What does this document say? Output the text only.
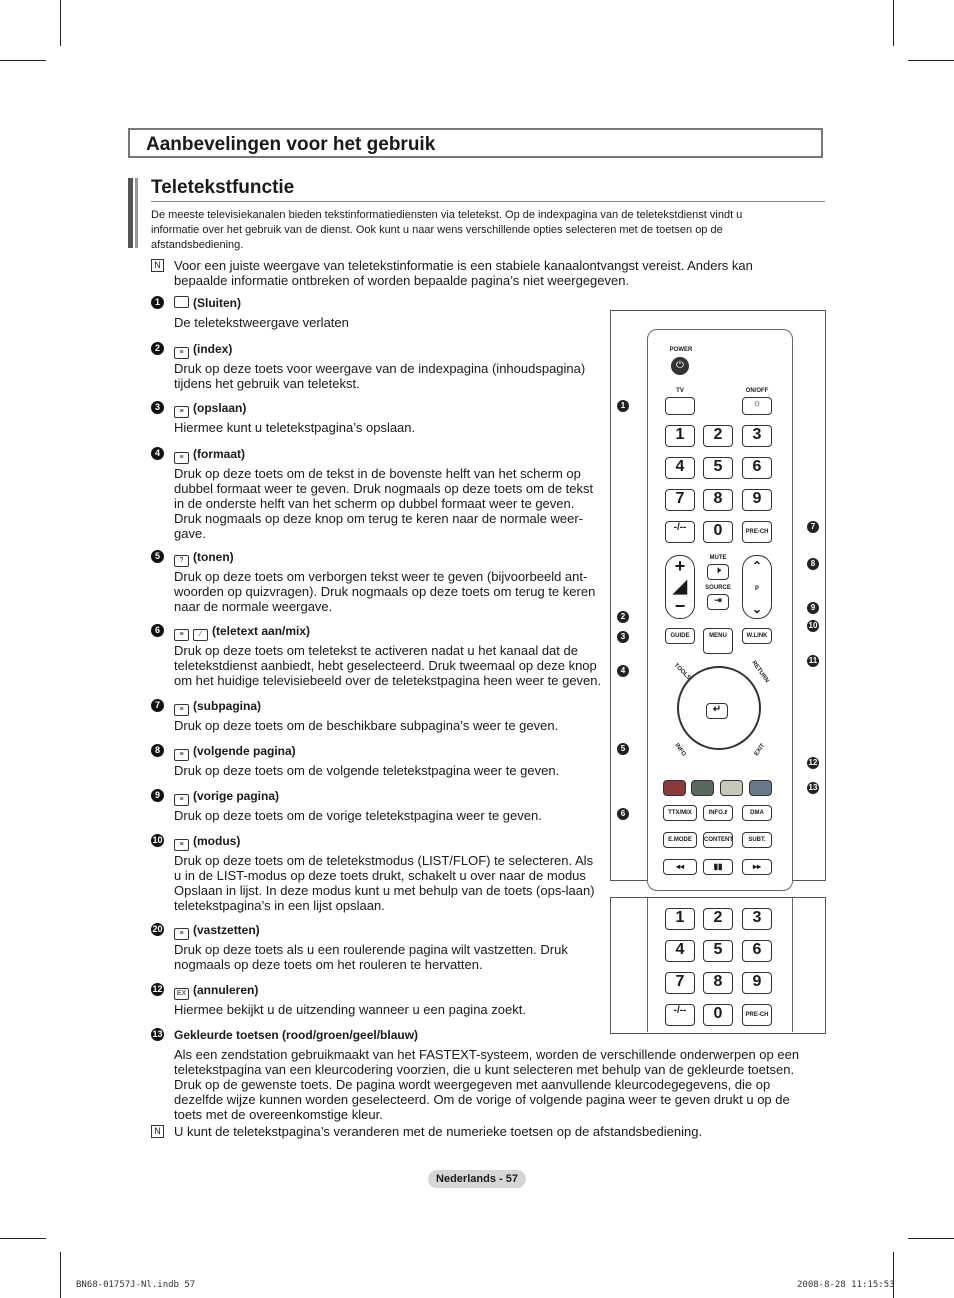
Aanbevelingen voor het gebruik
Teletekstfunctie
De meeste televisiekanalen bieden tekstinformatiediensten via teletekst. Op de indexpagina van de teletekstdienst vindt u informatie over het gebruik van de dienst. Ook kunt u naar wens verschillende opties selecteren met de toetsen op de afstandsbediening.
N Voor een juiste weergave van teletekstinformatie is een stabiele kanaalontvangst vereist. Anders kan bepaalde informatie ontbreken of worden bepaalde pagina’s niet weergegeven.
1	(Sluiten)
De teletekstweergave verlaten
2	≡ (index)
Druk op deze toets voor weergave van de indexpagina (inhoudspagina) tijdens het gebruik van teletekst.
3	≡ (opslaan)
Hiermee kunt u teletekstpagina’s opslaan.
4	≡ (formaat)
Druk op deze toets om de tekst in de bovenste helft van het scherm op dubbel formaat weer te geven. Druk nogmaals op deze toets om de tekst in de onderste helft van het scherm op dubbel formaat weer te geven. Druk nogmaals op deze knop om terug te keren naar de normale weer-gave.
5	? (tonen)
Druk op deze toets om verborgen tekst weer te geven (bijvoorbeeld ant-woorden op quizvragen). Druk nogmaals op deze toets om terug te keren naar de normale weergave.
6	≡ ⁄ (teletext aan/mix)
Druk op deze toets om teletekst te activeren nadat u het kanaal dat de teletekstdienst aanbiedt, hebt geselecteerd. Druk tweemaal op deze knop om het huidige televisiebeeld over de teletekstpagina heen weer te geven.
7	≡ (subpagina)
Druk op deze toets om de beschikbare subpagina’s weer te geven.
8	≡ (volgende pagina)
Druk op deze toets om de volgende teletekstpagina weer te geven.
9	≡ (vorige pagina)
Druk op deze toets om de vorige teletekstpagina weer te geven.
10	≡ (modus)
Druk op deze toets om de teletekstmodus (LIST/FLOF) te selecteren. Als u in de LIST-modus op deze toets drukt, schakelt u over naar de modus Opslaan in lijst. In deze modus kunt u met behulp van de toets (ops-laan) teletekstpagina’s in een lijst opslaan.
20	≡ (vastzetten)
Druk op deze toets als u een roulerende pagina wilt vastzetten. Druk nogmaals op deze toets om het rouleren te hervatten.
12	EX (annuleren)
Hiermee bekijkt u de uitzending wanneer u een pagina zoekt.
13 Gekleurde toetsen (rood/groen/geel/blauw)
Als een zendstation gebruikmaakt van het FASTEXT-systeem, worden de verschillende onderwerpen op een teletekstpagina van een kleurcodering voorzien, die u kunt selecteren met behulp van de gekleurde toetsen. Druk op de gewenste toets. De pagina wordt weergegeven met aanvullende kleurcodegegevens, die op dezelfde wijze kunnen worden geselecteerd. Om de vorige of volgende pagina weer te geven drukt u op de toets met de overeenkomstige kleur.
N U kunt de teletekstpagina’s veranderen met de numerieke toetsen op de afstandsbediening.
POWER
⏻
TV	ON/OFF
☼
1	2	3
4	5	6
7	8	9
-/--	0	PRE-CH
+
◢
−
MUTE
🕨
SOURCE
⇥
⌃
P
⌄
GUIDE	MENU	W.LINK
TOOLS	RETURN
↵
INFO	EXIT
TTX/MIX	INFO.ℓ	DMA
E.MODE	CONTENT	SUBT.
◂◂	▮▮	▸▸
1
2
3
4
5
6
7
8
9
10
11
12
13
1	2	3
4	5	6
7	8	9
-/--	0	PRE-CH
Nederlands - 57
BN68-01757J-Nl.indb 57	2008-8-28 11:15:53
